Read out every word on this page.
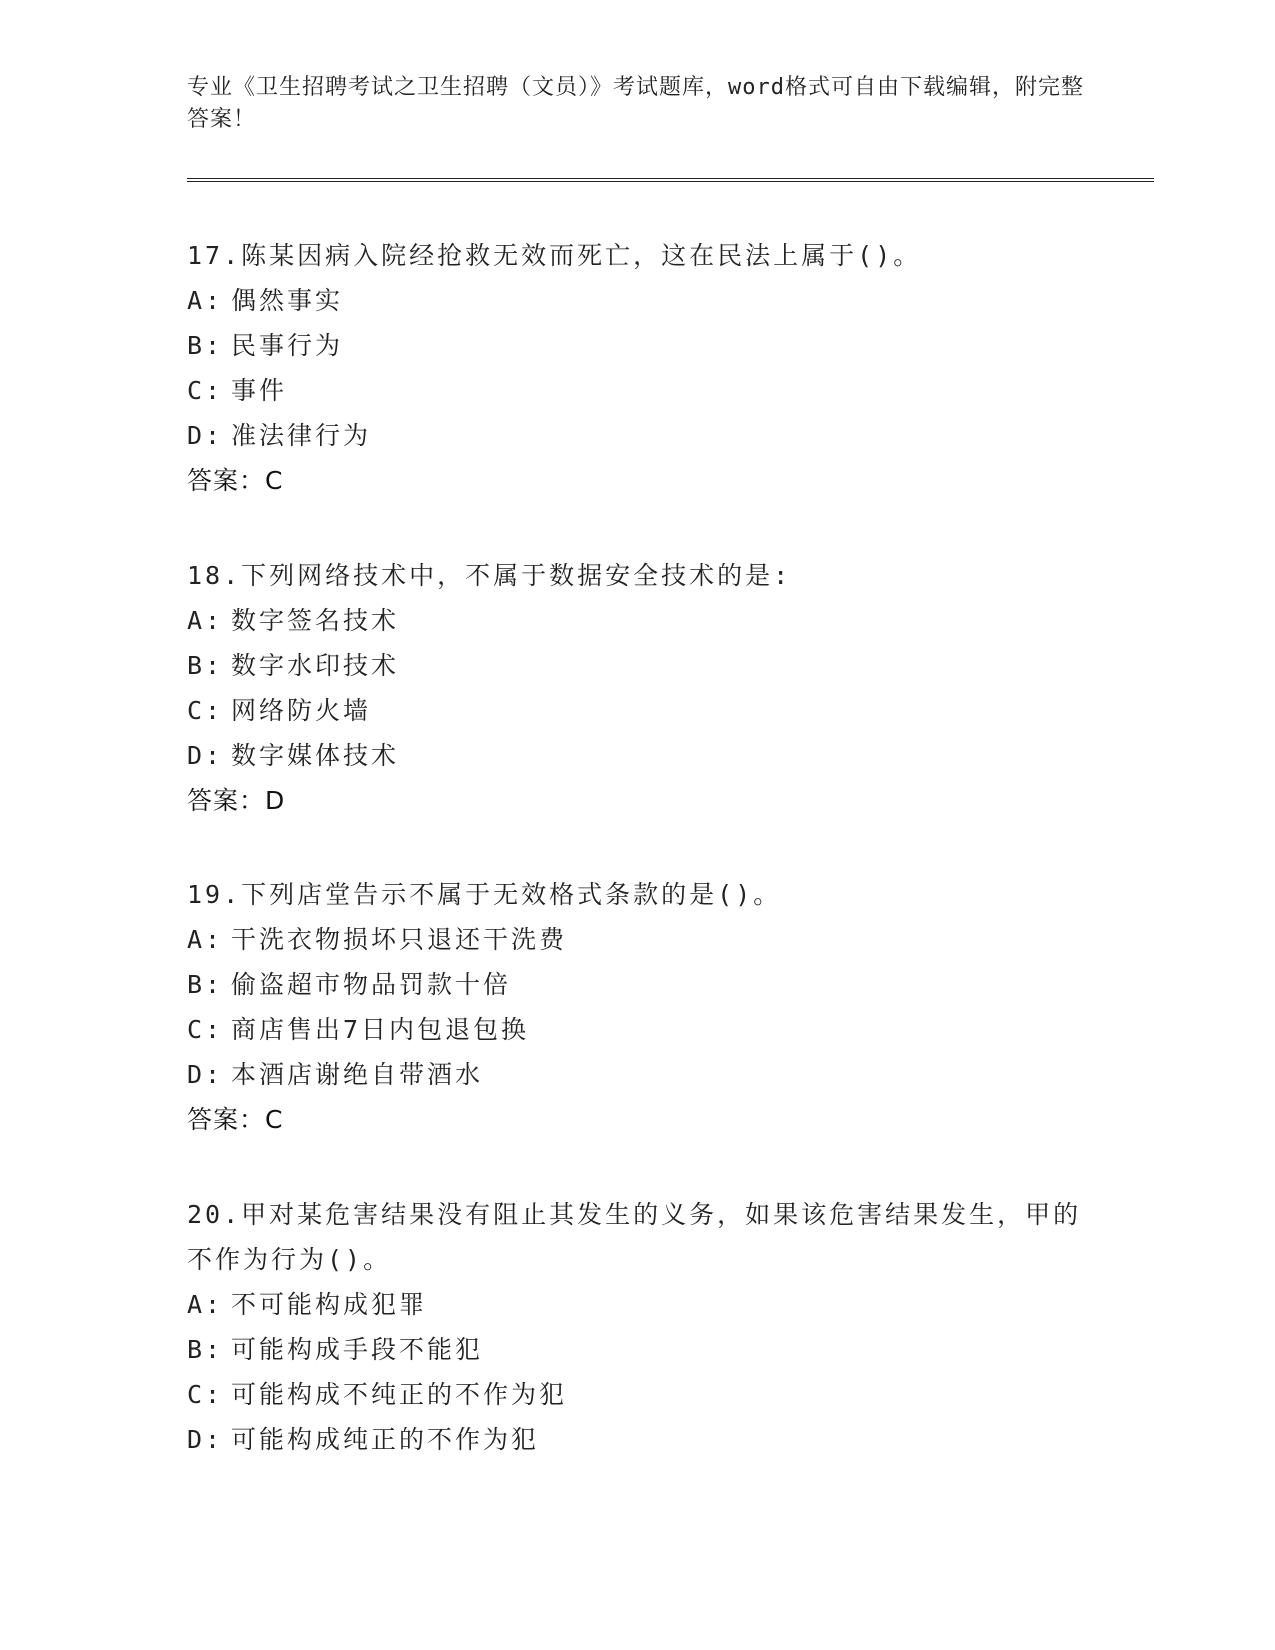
专业《卫生招聘考试之卫生招聘（文员）》考试题库，word格式可自由下载编辑，附完整答案！
17.陈某因病入院经抢救无效而死亡，这在民法上属于()。
A: 偶然事实
B: 民事行为
C: 事件
D: 准法律行为
答案：C
18.下列网络技术中，不属于数据安全技术的是:
A: 数字签名技术
B: 数字水印技术
C: 网络防火墙
D: 数字媒体技术
答案：D
19.下列店堂告示不属于无效格式条款的是()。
A: 干洗衣物损坏只退还干洗费
B: 偷盗超市物品罚款十倍
C: 商店售出7日内包退包换
D: 本酒店谢绝自带酒水
答案：C
20.甲对某危害结果没有阻止其发生的义务，如果该危害结果发生，甲的不作为行为()。
A: 不可能构成犯罪
B: 可能构成手段不能犯
C: 可能构成不纯正的不作为犯
D: 可能构成纯正的不作为犯
